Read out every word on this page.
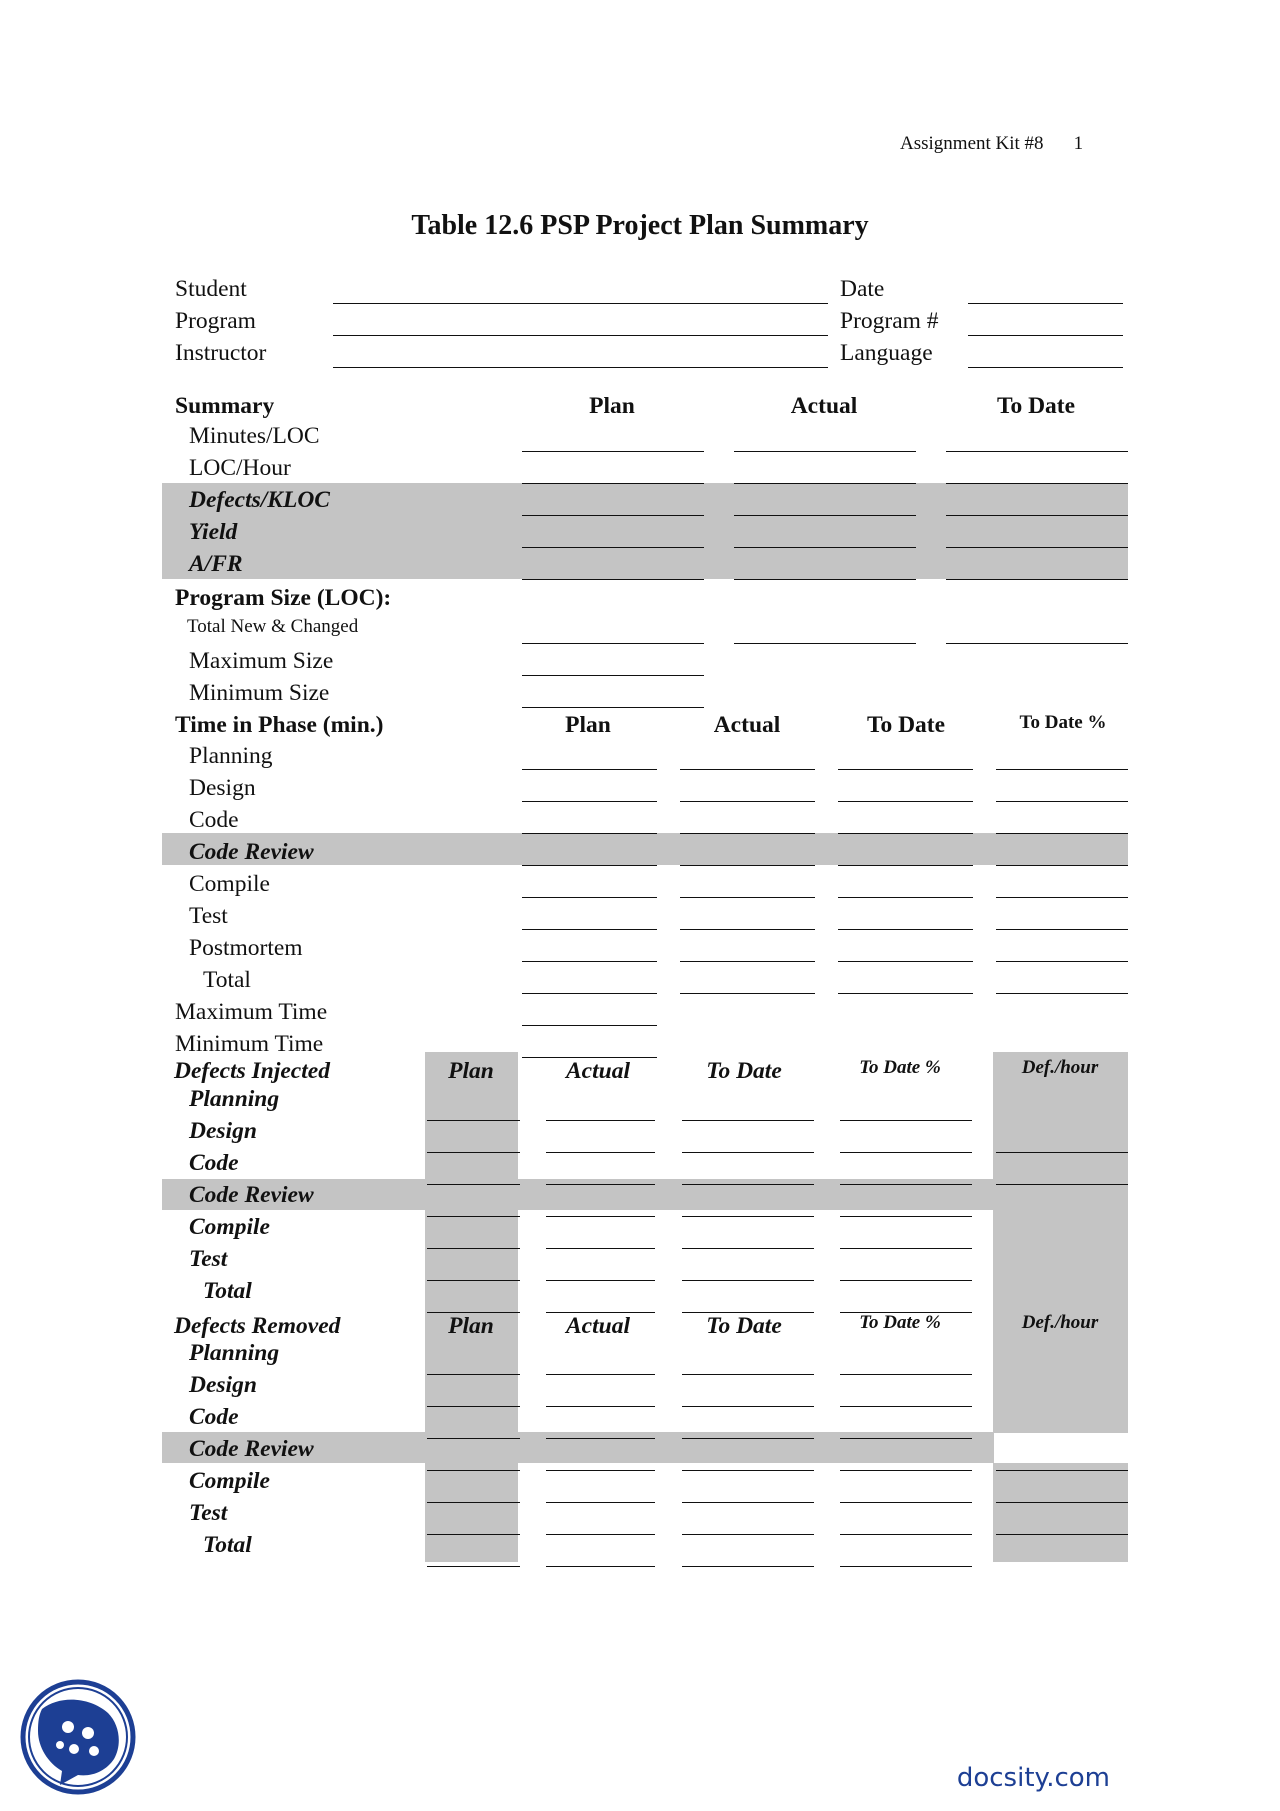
Assignment Kit #8 1
Table 12.6 PSP Project Plan Summary
Student
Program
Instructor
Date
Program #
Language
Summary	Plan	Actual	To Date
Minutes/LOC
LOC/Hour
Defects/KLOC
Yield
A/FR
Program Size (LOC):
Total New & Changed
Maximum Size
Minimum Size
Time in Phase (min.)	Plan	Actual	To Date	To Date %
Planning
Design
Code
Code Review
Compile
Test
Postmortem
Total
Maximum Time
Minimum Time
Defects Injected	Plan	Actual	To Date	To Date %	Def./hour
Planning
Design
Code
Code Review
Compile
Test
Total
Defects Removed	Plan	Actual	To Date	To Date %	Def./hour
Planning
Design
Code
Code Review
Compile
Test
Total
docsity.com
